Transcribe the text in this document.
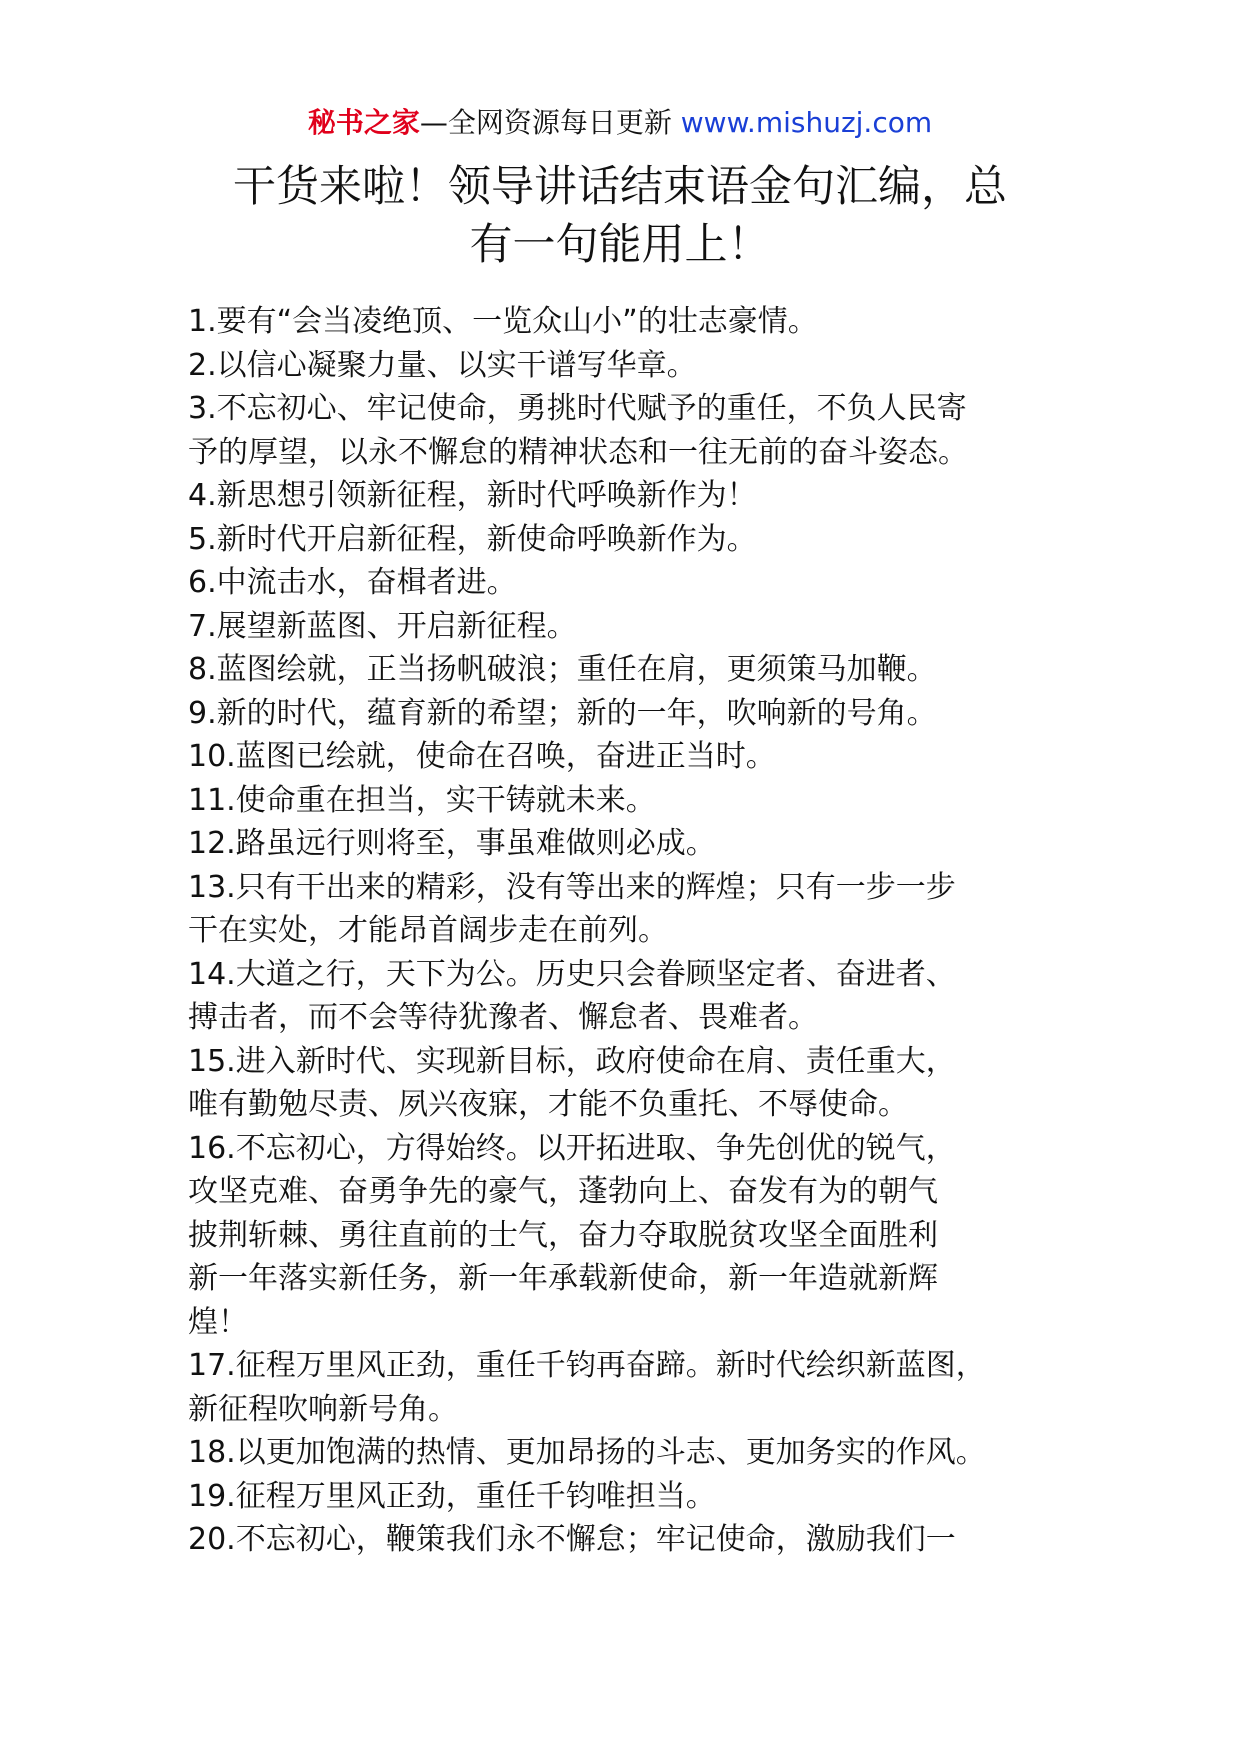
秘书之家—全网资源每日更新 www.mishuzj.com
干货来啦！领导讲话结束语金句汇编，总
有一句能用上！

1.要有“会当凌绝顶、一览众山小”的壮志豪情。

2.以信心凝聚力量、以实干谱写华章。

3.不忘初心、牢记使命，勇挑时代赋予的重任，不负人民寄

予的厚望，以永不懈怠的精神状态和一往无前的奋斗姿态。

4.新思想引领新征程，新时代呼唤新作为！

5.新时代开启新征程，新使命呼唤新作为。

6.中流击水，奋楫者进。

7.展望新蓝图、开启新征程。

8.蓝图绘就，正当扬帆破浪；重任在肩，更须策马加鞭。

9.新的时代，蕴育新的希望；新的一年，吹响新的号角。

10.蓝图已绘就，使命在召唤，奋进正当时。

11.使命重在担当，实干铸就未来。

12.路虽远行则将至，事虽难做则必成。

13.只有干出来的精彩，没有等出来的辉煌；只有一步一步

干在实处，才能昂首阔步走在前列。

14.大道之行，天下为公。历史只会眷顾坚定者、奋进者、

搏击者，而不会等待犹豫者、懈怠者、畏难者。

15.进入新时代、实现新目标，政府使命在肩、责任重大，

唯有勤勉尽责、夙兴夜寐，才能不负重托、不辱使命。

16.不忘初心，方得始终。以开拓进取、争先创优的锐气，

攻坚克难、奋勇争先的豪气，蓬勃向上、奋发有为的朝气

披荆斩棘、勇往直前的士气，奋力夺取脱贫攻坚全面胜利

新一年落实新任务，新一年承载新使命，新一年造就新辉

煌！

17.征程万里风正劲，重任千钧再奋蹄。新时代绘织新蓝图，

新征程吹响新号角。

18.以更加饱满的热情、更加昂扬的斗志、更加务实的作风。

19.征程万里风正劲，重任千钧唯担当。

20.不忘初心，鞭策我们永不懈怠；牢记使命，激励我们一
